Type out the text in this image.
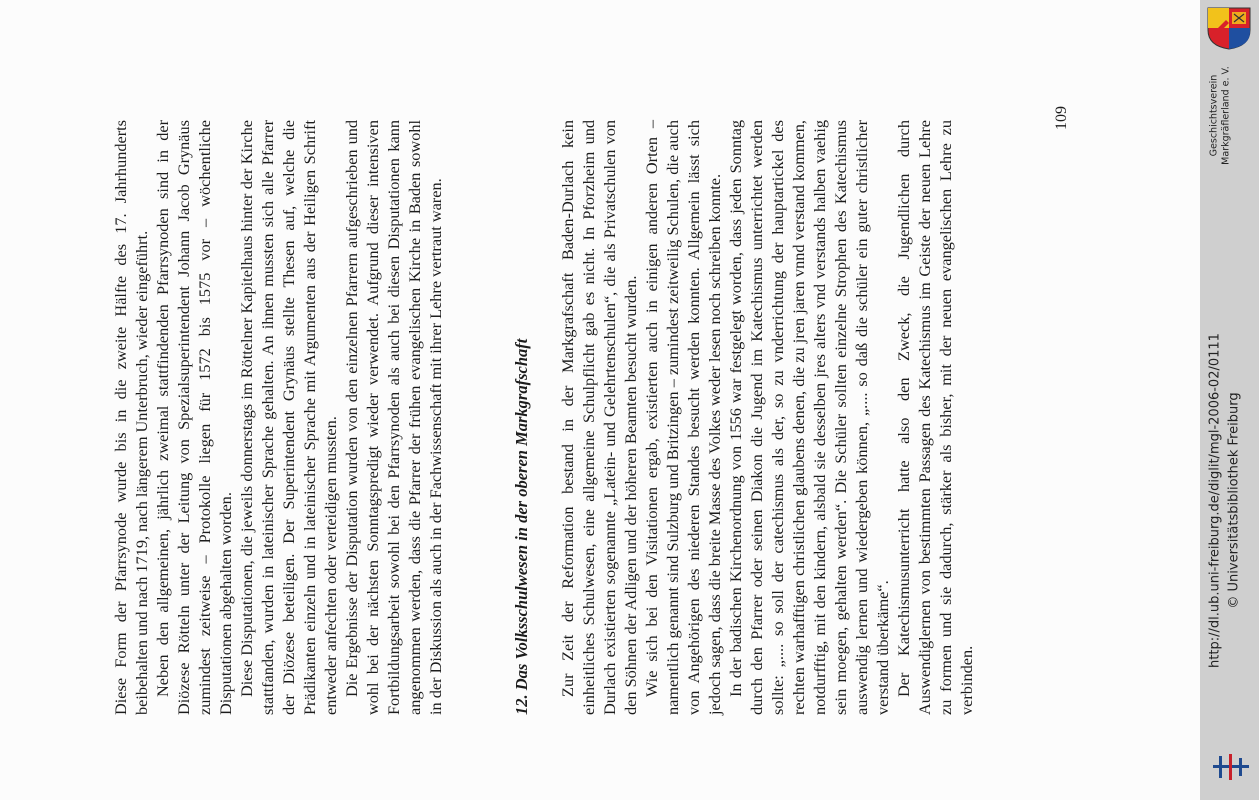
Diese Form der Pfarrsynode wurde bis in die zweite Hälfte des 17. Jahrhunderts beibehalten und nach 1719, nach längerem Unterbruch, wieder eingeführt. Neben den allgemeinen, jährlich zweimal stattfindenden Pfarrsynoden sind in der Diözese Rötteln unter der Leitung von Spezialsuperintendent Johann Jacob Grynäus zumindest zeitweise – Protokolle liegen für 1572 bis 1575 vor – wöchentliche Disputationen abgehalten worden. Diese Disputationen, die jeweils donnerstags im Röttelner Kapitelhaus hinter der Kirche stattfanden, wurden in lateinischer Sprache gehalten. An ihnen mussten sich alle Pfarrer der Diözese beteiligen. Der Superintendent Grynäus stellte Thesen auf, welche die Prädikanten einzeln und in lateinischer Sprache mit Argumenten aus der Heiligen Schrift entweder anfechten oder verteidigen mussten. Die Ergebnisse der Disputation wurden von den einzelnen Pfarrern aufgeschrieben und wohl bei der nächsten Sonntagspredigt wieder verwendet. Aufgrund dieser intensiven Fortbildungsarbeit sowohl bei den Pfarrsynoden als auch bei diesen Disputationen kann angenommen werden, dass die Pfarrer der frühen evangelischen Kirche in Baden sowohl in der Diskussion als auch in der Fachwissenschaft mit ihrer Lehre vertraut waren.	12. Das Volksschulwesen in der oberen Markgrafschaft Zur Zeit der Reformation bestand in der Markgrafschaft Baden-Durlach kein einheitliches Schulwesen, eine allgemeine Schulpflicht gab es nicht. In Pforzheim und Durlach existierten sogenannte „Latein- und Gelehrtenschulen“, die als Privatschulen von den Söhnen der Adligen und der höheren Beamten besucht wurden. Wie sich bei den Visitationen ergab, existierten auch in einigen anderen Orten – namentlich genannt sind Sulzburg und Britzingen – zumindest zeitweilig Schulen, die auch von Angehörigen des niederen Standes besucht werden konnten. Allgemein lässt sich jedoch sagen, dass die breite Masse des Volkes weder lesen noch schreiben konnte. In der badischen Kirchenordnung von 1556 war festgelegt worden, dass jeden Sonntag durch den Pfarrer oder seinen Diakon die Jugend im Katechismus unterrichtet werden sollte: „.... so soll der catechismus als der, so zu vnderrichtung der hauptartickel des rechten warhafftigen christlichen glaubens denen, die zu jren jaren vnnd verstand kommen, notdurfftig, mit den kindern, alsbald sie desselben jres alters vnd verstands halben vaehig sein moegen, gehalten werden“. Die Schüler sollten einzelne Strophen des Katechismus auswendig lernen und wiedergeben können, „.... so daß die schüler ein guter christlicher verstand überkäme“. Der Katechismusunterricht hatte also den Zweck, die Jugendlichen durch Auswendiglernen von bestimmten Passagen des Katechismus im Geiste der neuen Lehre zu formen und sie dadurch, stärker als bisher, mit der neuen evangelischen Lehre zu verbinden.

109
http://dl.ub.uni-freiburg.de/diglit/mgl-2006-02/0111 © Universitätsbibliothek Freiburg
Geschichtsverein Markgräflerland e. V.
